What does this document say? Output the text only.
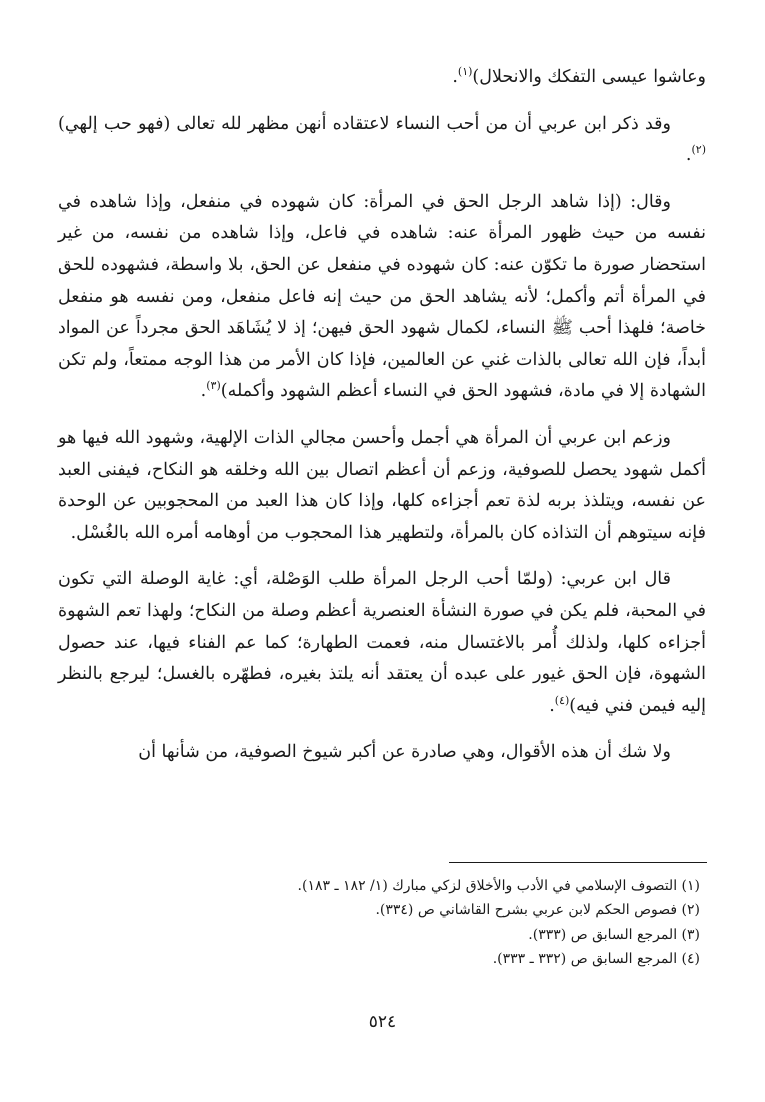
وعاشوا عيسى التفكك والانحلال)$^{(١)}$.

وقد ذكر ابن عربي أن من أحب النساء لاعتقاده أنهن مظهر لله تعالى (فهو حب إلهي)$^{(٢)}$.

وقال: (إذا شاهد الرجل الحق في المرأة: كان شهوده في منفعل، وإذا شاهده في نفسه من حيث ظهور المرأة عنه: شاهده في فاعل، وإذا شاهده من نفسه، من غير استحضار صورة ما تكوّن عنه: كان شهوده في منفعل عن الحق، بلا واسطة، فشهوده للحق في المرأة أتم وأكمل؛ لأنه يشاهد الحق من حيث إنه فاعل منفعل، ومن نفسه هو منفعل خاصة؛ فلهذا أحب ﷺ النساء، لكمال شهود الحق فيهن؛ إذ لا يُشَاهَد الحق مجرداً عن المواد أبداً، فإن الله تعالى بالذات غني عن العالمين، فإذا كان الأمر من هذا الوجه ممتعاً، ولم تكن الشهادة إلا في مادة، فشهود الحق في النساء أعظم الشهود وأكمله)$^{(٣)}$.

وزعم ابن عربي أن المرأة هي أجمل وأحسن مجالي الذات الإلهية، وشهود الله فيها هو أكمل شهود يحصل للصوفية، وزعم أن أعظم اتصال بين الله وخلقه هو النكاح، فيفنى العبد عن نفسه، ويتلذذ بربه لذة تعم أجزاءه كلها، وإذا كان هذا العبد من المحجوبين عن الوحدة فإنه سيتوهم أن التذاذه كان بالمرأة، ولتطهير هذا المحجوب من أوهامه أمره الله بالغُسْل.

قال ابن عربي: (ولمّا أحب الرجل المرأة طلب الوَصْلة، أي: غاية الوصلة التي تكون في المحبة، فلم يكن في صورة النشأة العنصرية أعظم وصلة من النكاح؛ ولهذا تعم الشهوة أجزاءه كلها، ولذلك أُمر بالاغتسال منه، فعمت الطهارة؛ كما عم الفناء فيها، عند حصول الشهوة، فإن الحق غيور على عبده أن يعتقد أنه يلتذ بغيره، فطهّره بالغسل؛ ليرجع بالنظر إليه فيمن فني فيه)$^{(٤)}$.

ولا شك أن هذه الأقوال، وهي صادرة عن أكبر شيوخ الصوفية، من شأنها أن

(١) التصوف الإسلامي في الأدب والأخلاق لزكي مبارك (١/ ١٨٢ ـ ١٨٣).

(٢) فصوص الحكم لابن عربي بشرح القاشاني ص (٣٣٤).

(٣) المرجع السابق ص (٣٣٣).

(٤) المرجع السابق ص (٣٣٢ ـ ٣٣٣).

٥٢٤
